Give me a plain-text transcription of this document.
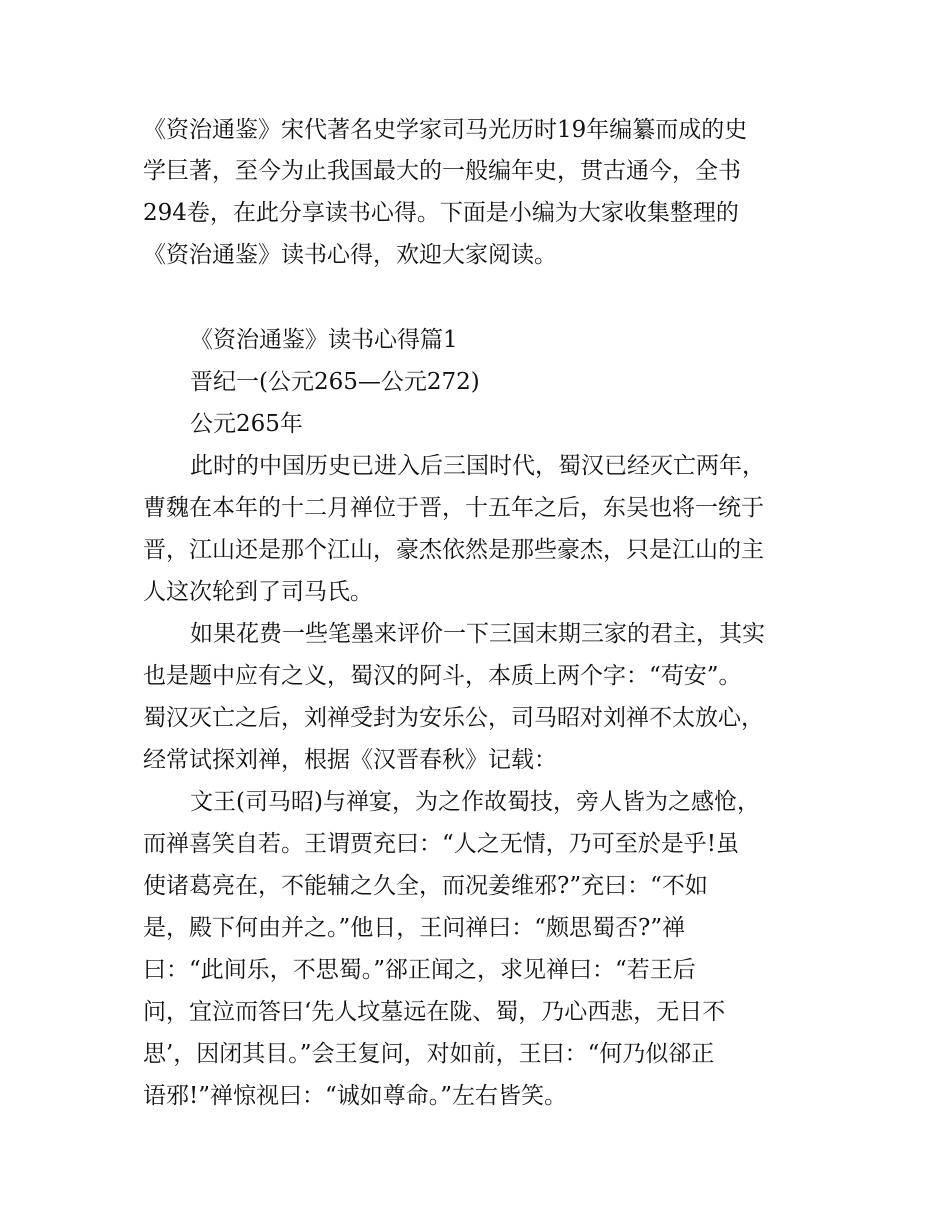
《资治通鉴》宋代著名史学家司马光历时19年编纂而成的史
学巨著，至今为止我国最大的一般编年史，贯古通今，全书
294卷，在此分享读书心得。下面是小编为大家收集整理的
《资治通鉴》读书心得，欢迎大家阅读。
《资治通鉴》读书心得篇1
晋纪一(公元265—公元272)
公元265年
此时的中国历史已进入后三国时代，蜀汉已经灭亡两年，
曹魏在本年的十二月禅位于晋，十五年之后，东吴也将一统于
晋，江山还是那个江山，豪杰依然是那些豪杰，只是江山的主
人这次轮到了司马氏。
如果花费一些笔墨来评价一下三国末期三家的君主，其实
也是题中应有之义，蜀汉的阿斗，本质上两个字：“苟安”。
蜀汉灭亡之后，刘禅受封为安乐公，司马昭对刘禅不太放心，
经常试探刘禅，根据《汉晋春秋》记载：
文王(司马昭)与禅宴，为之作故蜀技，旁人皆为之感怆，
而禅喜笑自若。王谓贾充曰：“人之无情，乃可至於是乎!虽
使诸葛亮在，不能辅之久全，而况姜维邪?”充曰：“不如
是，殿下何由并之。”他日，王问禅曰：“颇思蜀否?”禅
曰：“此间乐，不思蜀。”郤正闻之，求见禅曰：“若王后
问，宜泣而答曰‘先人坟墓远在陇、蜀，乃心西悲，无日不
思’，因闭其目。”会王复问，对如前，王曰：“何乃似郤正
语邪!”禅惊视曰：“诚如尊命。”左右皆笑。
